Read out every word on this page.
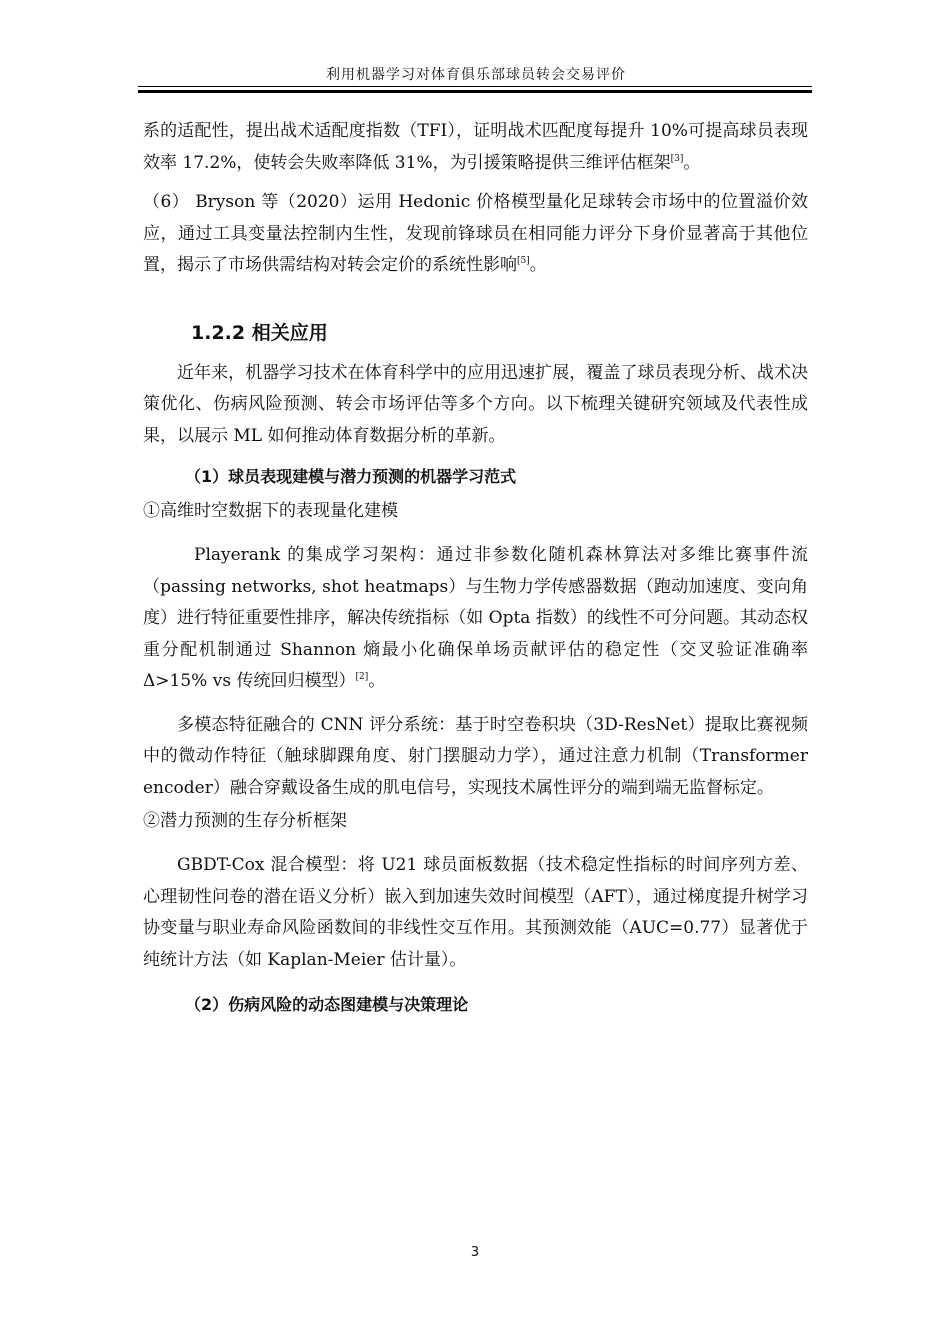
利用机器学习对体育俱乐部球员转会交易评价

系的适配性，提出战术适配度指数（TFI），证明战术匹配度每提升 10%可提高球员表现效率 17.2%，使转会失败率降低 31%，为引援策略提供三维评估框架[3]。

（6） Bryson 等（2020）运用 Hedonic 价格模型量化足球转会市场中的位置溢价效应，通过工具变量法控制内生性，发现前锋球员在相同能力评分下身价显著高于其他位置，揭示了市场供需结构对转会定价的系统性影响[5]。

1.2.2 相关应用

近年来，机器学习技术在体育科学中的应用迅速扩展，覆盖了球员表现分析、战术决策优化、伤病风险预测、转会市场评估等多个方向。以下梳理关键研究领域及代表性成果，以展示 ML 如何推动体育数据分析的革新。

（1）球员表现建模与潜力预测的机器学习范式
①高维时空数据下的表现量化建模

Playerank 的集成学习架构：通过非参数化随机森林算法对多维比赛事件流（passing networks, shot heatmaps）与生物力学传感器数据（跑动加速度、变向角度）进行特征重要性排序，解决传统指标（如 Opta 指数）的线性不可分问题。其动态权重分配机制通过 Shannon 熵最小化确保单场贡献评估的稳定性（交叉验证准确率 Δ>15% vs 传统回归模型）[2]。

多模态特征融合的 CNN 评分系统：基于时空卷积块（3D-ResNet）提取比赛视频中的微动作特征（触球脚踝角度、射门摆腿动力学），通过注意力机制（Transformer encoder）融合穿戴设备生成的肌电信号，实现技术属性评分的端到端无监督标定。

②潜力预测的生存分析框架

GBDT-Cox 混合模型：将 U21 球员面板数据（技术稳定性指标的时间序列方差、心理韧性问卷的潜在语义分析）嵌入到加速失效时间模型（AFT），通过梯度提升树学习协变量与职业寿命风险函数间的非线性交互作用。其预测效能（AUC=0.77）显著优于纯统计方法（如 Kaplan-Meier 估计量）。

（2）伤病风险的动态图建模与决策理论
3
